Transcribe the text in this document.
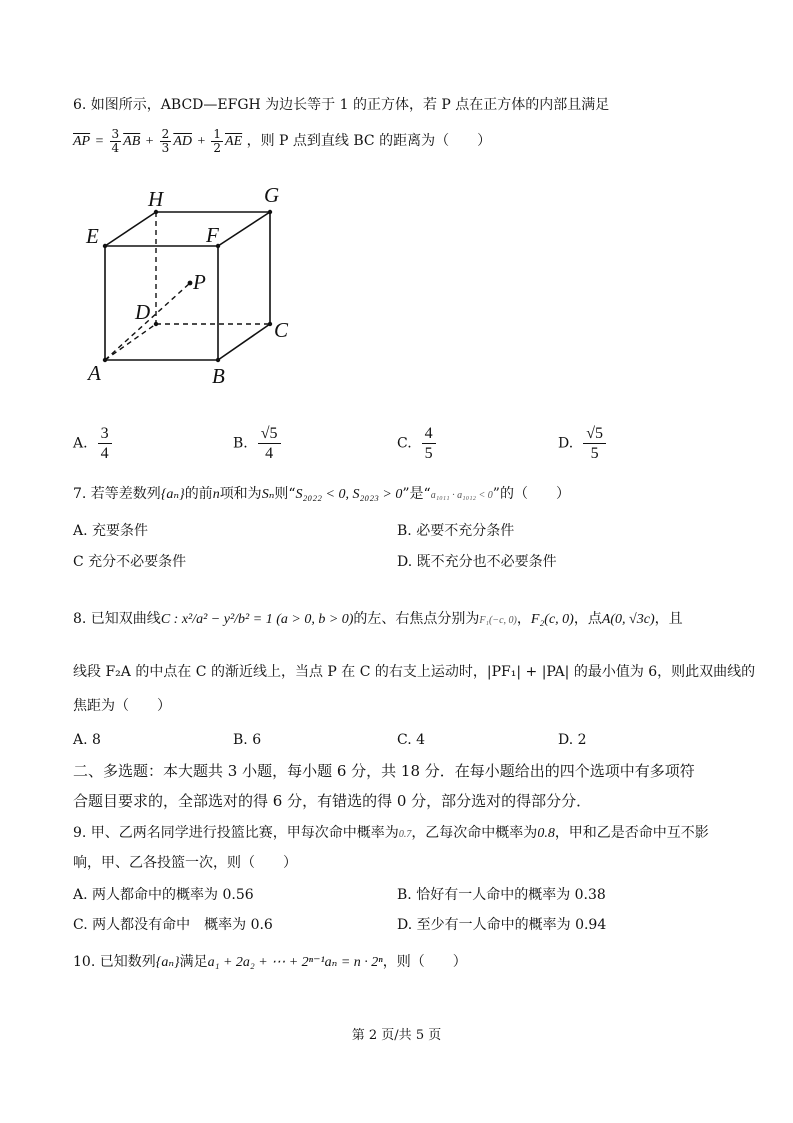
6. 如图所示，ABCD—EFGH 为边长等于 1 的正方体，若 P 点在正方体的内部且满足
$\overline{AP} = \frac{3}{4} \overline{AB} + \frac{2}{3} \overline{AD} + \frac{1}{2} \overline{AE}$ ，则 P 点到直线 BC 的距离为（　　）
H	G
E	F
P
D
C
A	B
A. $\frac{3}{4}$	B. $\frac{√5}{4}$	C. $\frac{4}{5}$	D. $\frac{√5}{5}$
7. 若等差数列{aₙ}的前n项和为Sₙ则“S₂₀₂₂ < 0, S₂₀₂₃ > 0”是“a₁₀₁₁ · a₁₀₁₂ < 0”的（　　）
A. 充要条件	B. 必要不充分条件
C 充分不必要条件	D. 既不充分也不必要条件
8. 已知双曲线C : x²/a² − y²/b² = 1 (a > 0, b > 0)的左、右焦点分别为F₁(−c, 0)，F₂(c, 0)，点A(0, √3c)，且
线段 F₂A 的中点在 C 的渐近线上，当点 P 在 C 的右支上运动时，|PF₁| + |PA| 的最小值为 6，则此双曲线的
焦距为（　　）
A. 8	B. 6	C. 4	D. 2
二、多选题：本大题共 3 小题，每小题 6 分，共 18 分．在每小题给出的四个选项中有多项符
合题目要求的，全部选对的得 6 分，有错选的得 0 分，部分选对的得部分分．
9. 甲、乙两名同学进行投篮比赛，甲每次命中概率为0.7，乙每次命中概率为0.8，甲和乙是否命中互不影
响，甲、乙各投篮一次，则（　　）
A. 两人都命中的概率为 0.56	B. 恰好有一人命中的概率为 0.38
C. 两人都没有命中　概率为 0.6	D. 至少有一人命中的概率为 0.94
10. 已知数列{aₙ}满足a₁ + 2a₂ + ⋯ + 2ⁿ⁻¹aₙ = n · 2ⁿ，则（　　）
第 2 页/共 5 页
